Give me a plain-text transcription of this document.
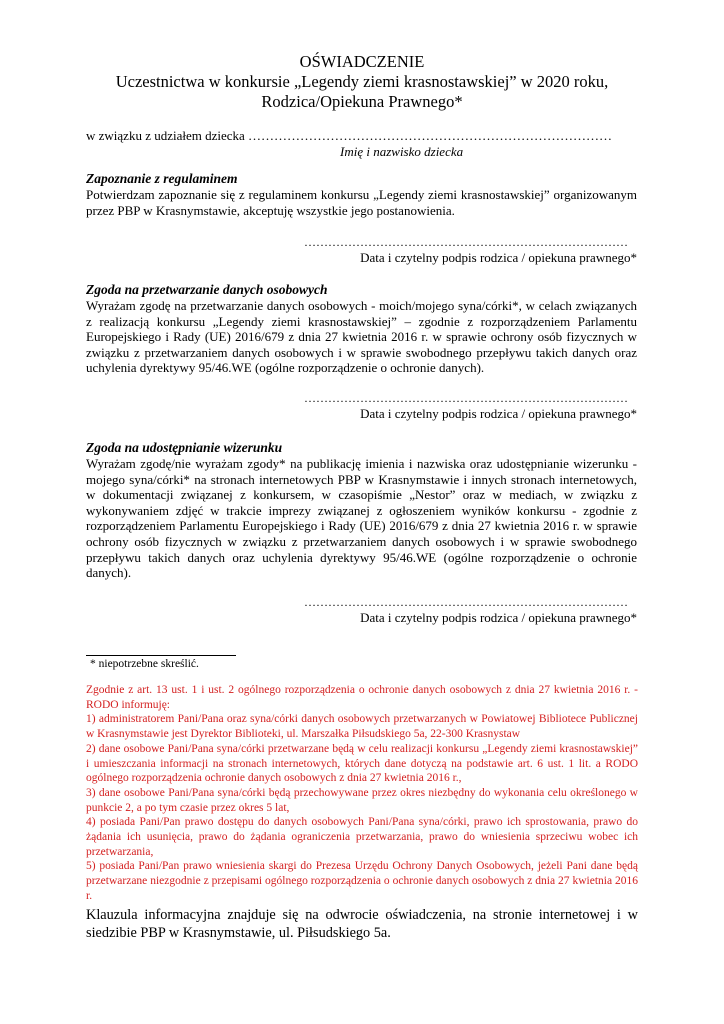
OŚWIADCZENIE
Uczestnictwa w konkursie „Legendy ziemi krasnostawskiej” w 2020 roku,
Rodzica/Opiekuna Prawnego*
w związku z udziałem dziecka …………………………………………………………………………
Imię i nazwisko dziecka
Zapoznanie z regulaminem
Potwierdzam zapoznanie się z regulaminem konkursu „Legendy ziemi krasnostawskiej” organizowanym przez PBP w Krasnymstawie, akceptuję wszystkie jego postanowienia.
………………………………………………………………………
Data i czytelny podpis rodzica / opiekuna prawnego*
Zgoda na przetwarzanie danych osobowych
Wyrażam zgodę na przetwarzanie danych osobowych - moich/mojego syna/córki*, w celach związanych z realizacją konkursu „Legendy ziemi krasnostawskiej” – zgodnie z rozporządzeniem Parlamentu Europejskiego i Rady (UE) 2016/679 z dnia 27 kwietnia 2016 r. w sprawie ochrony osób fizycznych w związku z przetwarzaniem danych osobowych i w sprawie swobodnego przepływu takich danych oraz uchylenia dyrektywy 95/46.WE (ogólne rozporządzenie o ochronie danych).
………………………………………………………………………
Data i czytelny podpis rodzica / opiekuna prawnego*
Zgoda na udostępnianie wizerunku
Wyrażam zgodę/nie wyrażam zgody* na publikację imienia i nazwiska oraz udostępnianie wizerunku - mojego syna/córki* na stronach internetowych PBP w Krasnymstawie i innych stronach internetowych, w dokumentacji związanej z konkursem, w czasopiśmie „Nestor” oraz w mediach, w związku z wykonywaniem zdjęć w trakcie imprezy związanej z ogłoszeniem wyników konkursu - zgodnie z rozporządzeniem Parlamentu Europejskiego i Rady (UE) 2016/679 z dnia 27 kwietnia 2016 r. w sprawie ochrony osób fizycznych w związku z przetwarzaniem danych osobowych i w sprawie swobodnego przepływu takich danych oraz uchylenia dyrektywy 95/46.WE (ogólne rozporządzenie o ochronie danych).
………………………………………………………………………
Data i czytelny podpis rodzica / opiekuna prawnego*
* niepotrzebne skreślić.

Zgodnie z art. 13 ust. 1 i ust. 2 ogólnego rozporządzenia o ochronie danych osobowych z dnia 27 kwietnia 2016 r. - RODO informuję:

1) administratorem Pani/Pana oraz syna/córki danych osobowych przetwarzanych w Powiatowej Bibliotece Publicznej w Krasnymstawie jest Dyrektor Biblioteki, ul. Marszałka Piłsudskiego 5a, 22-300 Krasnystaw

2) dane osobowe Pani/Pana syna/córki przetwarzane będą w celu realizacji konkursu „Legendy ziemi krasnostawskiej” i umieszczania informacji na stronach internetowych, których dane dotyczą na podstawie art. 6 ust. 1 lit. a RODO ogólnego rozporządzenia ochronie danych osobowych z dnia 27 kwietnia 2016 r.,

3) dane osobowe Pani/Pana syna/córki będą przechowywane przez okres niezbędny do wykonania celu określonego w punkcie 2, a po tym czasie przez okres 5 lat,

4) posiada Pani/Pan prawo dostępu do danych osobowych Pani/Pana syna/córki, prawo ich sprostowania, prawo do żądania ich usunięcia, prawo do żądania ograniczenia przetwarzania, prawo do wniesienia sprzeciwu wobec ich przetwarzania,

5) posiada Pani/Pan prawo wniesienia skargi do Prezesa Urzędu Ochrony Danych Osobowych, jeżeli Pani dane będą przetwarzane niezgodnie z przepisami ogólnego rozporządzenia o ochronie danych osobowych z dnia 27 kwietnia 2016 r.

Klauzula informacyjna znajduje się na odwrocie oświadczenia, na stronie internetowej i w siedzibie PBP w Krasnymstawie, ul. Piłsudskiego 5a.
